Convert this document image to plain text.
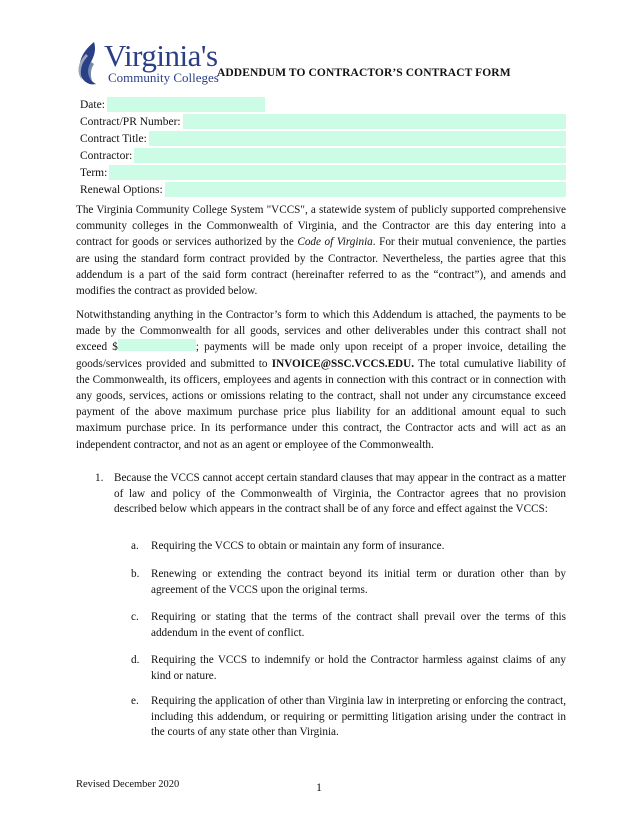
Virginia's
Community Colleges
ADDENDUM TO CONTRACTOR’S CONTRACT FORM
Date:
Contract/PR Number:
Contract Title:
Contractor:
Term:
Renewal Options:
The Virginia Community College System "VCCS", a statewide system of publicly supported comprehensive community colleges in the Commonwealth of Virginia, and the Contractor are this day entering into a contract for goods or services authorized by the Code of Virginia. For their mutual convenience, the parties are using the standard form contract provided by the Contractor. Nevertheless, the parties agree that this addendum is a part of the said form contract (hereinafter referred to as the “contract”), and amends and modifies the contract as provided below.
Notwithstanding anything in the Contractor’s form to which this Addendum is attached, the payments to be made by the Commonwealth for all goods, services and other deliverables under this contract shall not exceed $	; payments will be made only upon receipt of a proper invoice, detailing the goods/services provided and submitted to INVOICE@SSC.VCCS.EDU. The total cumulative liability of the Commonwealth, its officers, employees and agents in connection with this contract or in connection with any goods, services, actions or omissions relating to the contract, shall not under any circumstance exceed payment of the above maximum purchase price plus liability for an additional amount equal to such maximum purchase price. In its performance under this contract, the Contractor acts and will act as an independent contractor, and not as an agent or employee of the Commonwealth.
1. Because the VCCS cannot accept certain standard clauses that may appear in the contract as a matter of law and policy of the Commonwealth of Virginia, the Contractor agrees that no provision described below which appears in the contract shall be of any force and effect against the VCCS:
a. Requiring the VCCS to obtain or maintain any form of insurance.
b. Renewing or extending the contract beyond its initial term or duration other than by agreement of the VCCS upon the original terms.
c. Requiring or stating that the terms of the contract shall prevail over the terms of this addendum in the event of conflict.
d. Requiring the VCCS to indemnify or hold the Contractor harmless against claims of any kind or nature.
e. Requiring the application of other than Virginia law in interpreting or enforcing the contract, including this addendum, or requiring or permitting litigation arising under the contract in the courts of any state other than Virginia.
Revised December 2020	1
